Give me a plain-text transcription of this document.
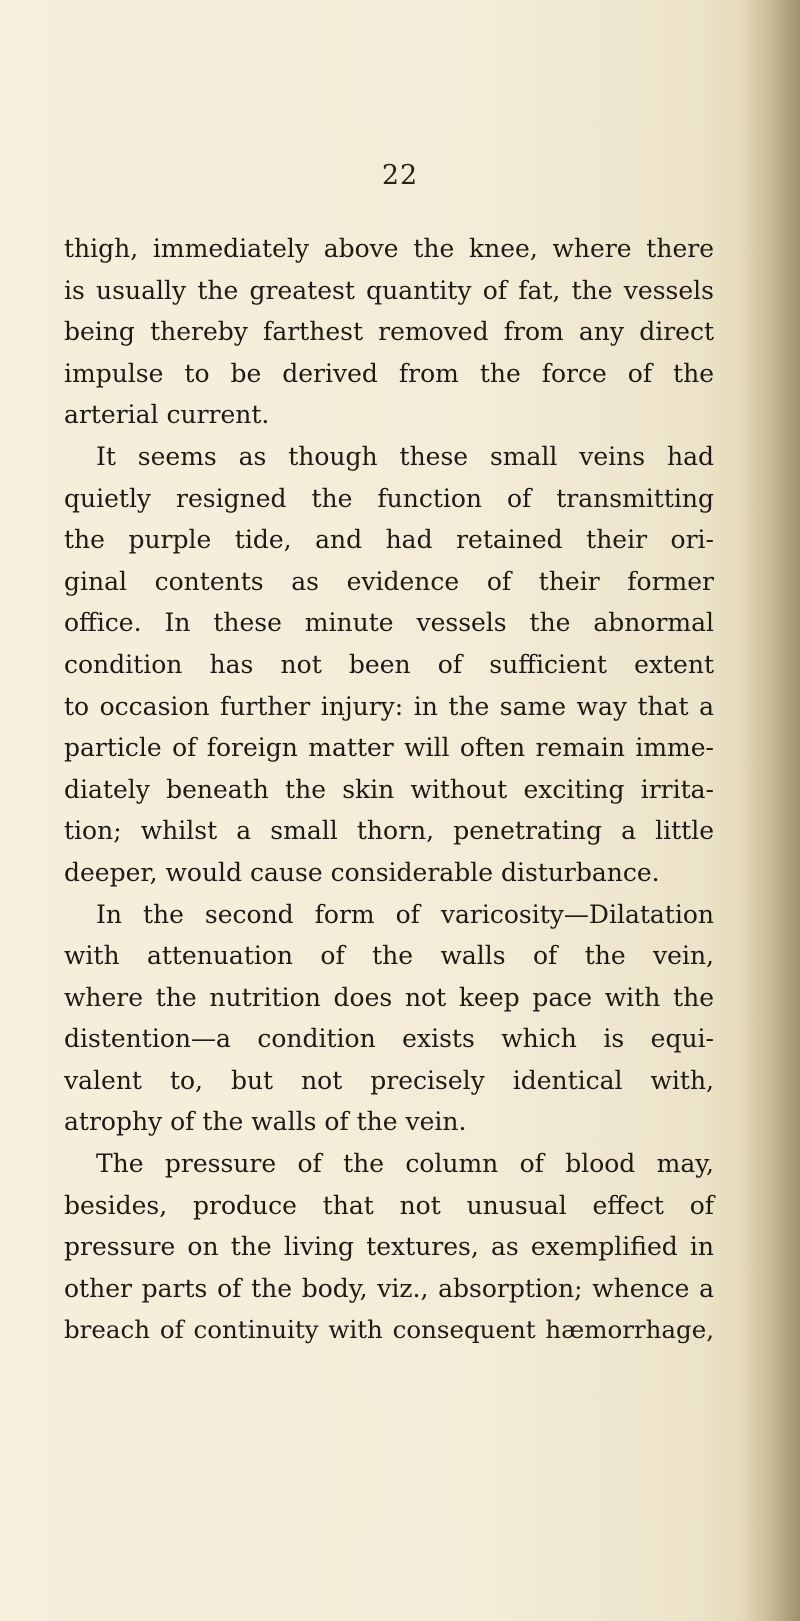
22
thigh, immediately above the knee, where there
is usually the greatest quantity of fat, the vessels
being thereby farthest removed from any direct
impulse to be derived from the force of the
arterial current.
It seems as though these small veins had
quietly resigned the function of transmitting
the purple tide, and had retained their ori-
ginal contents as evidence of their former
office. In these minute vessels the abnormal
condition has not been of sufficient extent
to occasion further injury: in the same way that a
particle of foreign matter will often remain imme-
diately beneath the skin without exciting irrita-
tion; whilst a small thorn, penetrating a little
deeper, would cause considerable disturbance.
In the second form of varicosity—Dilatation
with attenuation of the walls of the vein,
where the nutrition does not keep pace with the
distention—a condition exists which is equi-
valent to, but not precisely identical with,
atrophy of the walls of the vein.
The pressure of the column of blood may,
besides, produce that not unusual effect of
pressure on the living textures, as exemplified in
other parts of the body, viz., absorption; whence a
breach of continuity with consequent hæmorrhage,
